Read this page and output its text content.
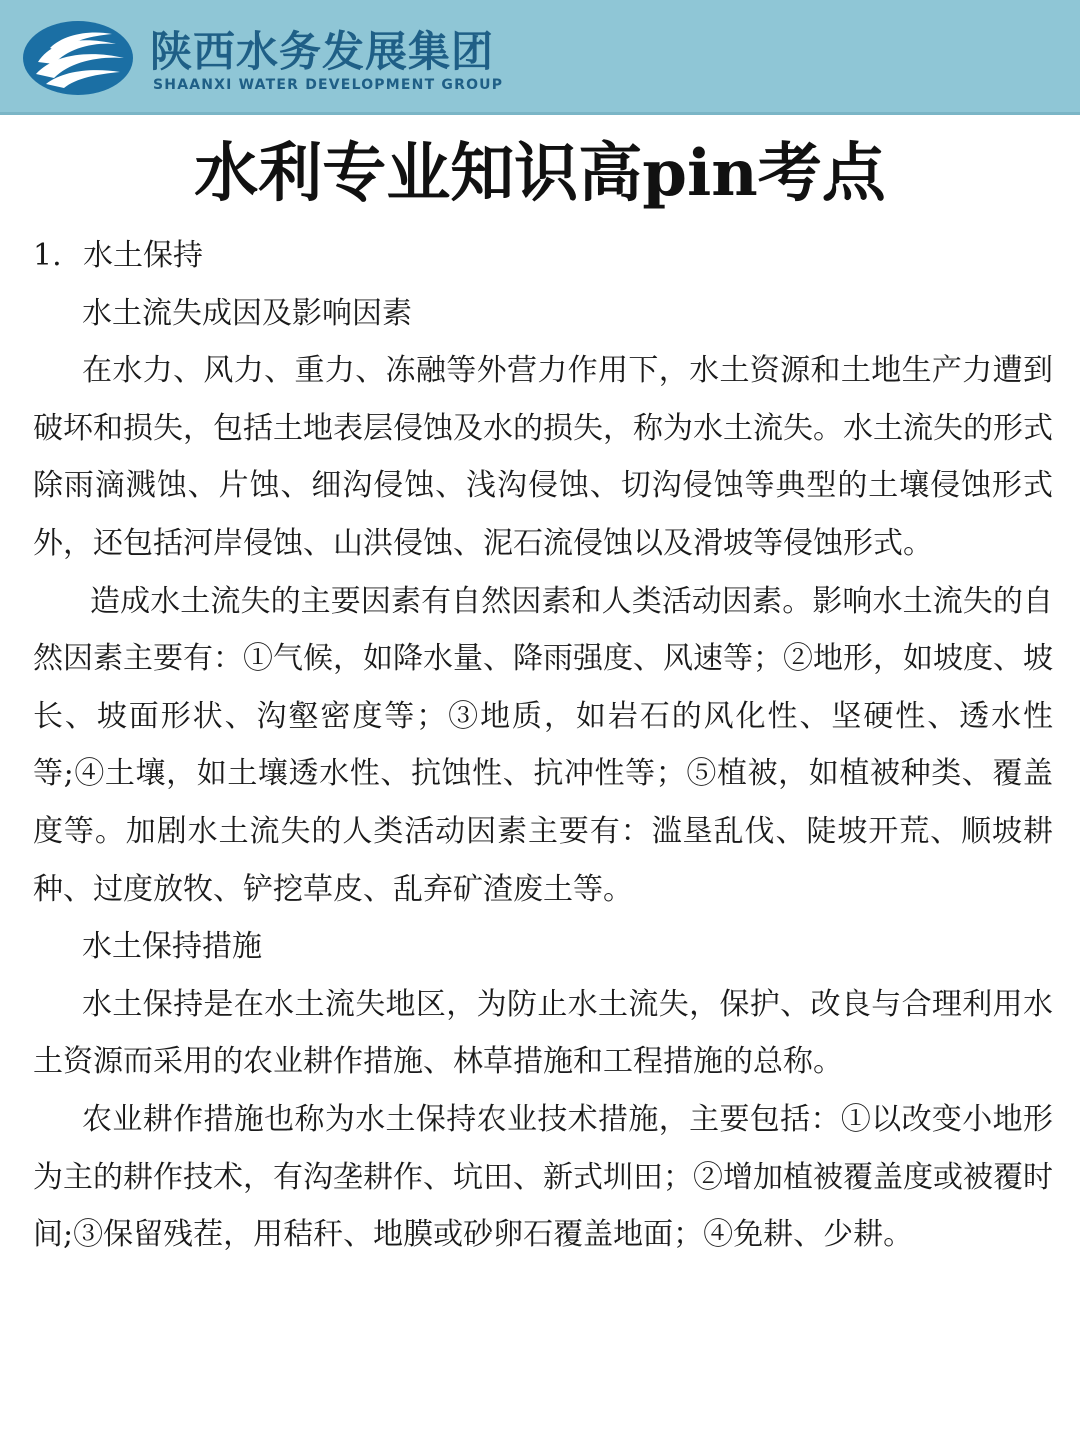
陕西水务发展集团
SHAANXI WATER DEVELOPMENT GROUP
水利专业知识高pin考点

1. 水土保持

水土流失成因及影响因素

在水力、风力、重力、冻融等外营力作用下，水土资源和土地生产力遭到破坏和损失，包括土地表层侵蚀及水的损失，称为水土流失。水土流失的形式除雨滴溅蚀、片蚀、细沟侵蚀、浅沟侵蚀、切沟侵蚀等典型的土壤侵蚀形式外，还包括河岸侵蚀、山洪侵蚀、泥石流侵蚀以及滑坡等侵蚀形式。

造成水土流失的主要因素有自然因素和人类活动因素。影响水土流失的自然因素主要有：①气候，如降水量、降雨强度、风速等；②地形，如坡度、坡长、坡面形状、沟壑密度等；③地质，如岩石的风化性、坚硬性、透水性等;④土壤，如土壤透水性、抗蚀性、抗冲性等；⑤植被，如植被种类、覆盖度等。加剧水土流失的人类活动因素主要有：滥垦乱伐、陡坡开荒、顺坡耕种、过度放牧、铲挖草皮、乱弃矿渣废土等。

水土保持措施

水土保持是在水土流失地区，为防止水土流失，保护、改良与合理利用水土资源而采用的农业耕作措施、林草措施和工程措施的总称。

农业耕作措施也称为水土保持农业技术措施，主要包括：①以改变小地形为主的耕作技术，有沟垄耕作、坑田、新式圳田；②增加植被覆盖度或被覆时间;③保留残茬，用秸秆、地膜或砂卵石覆盖地面；④免耕、少耕。
